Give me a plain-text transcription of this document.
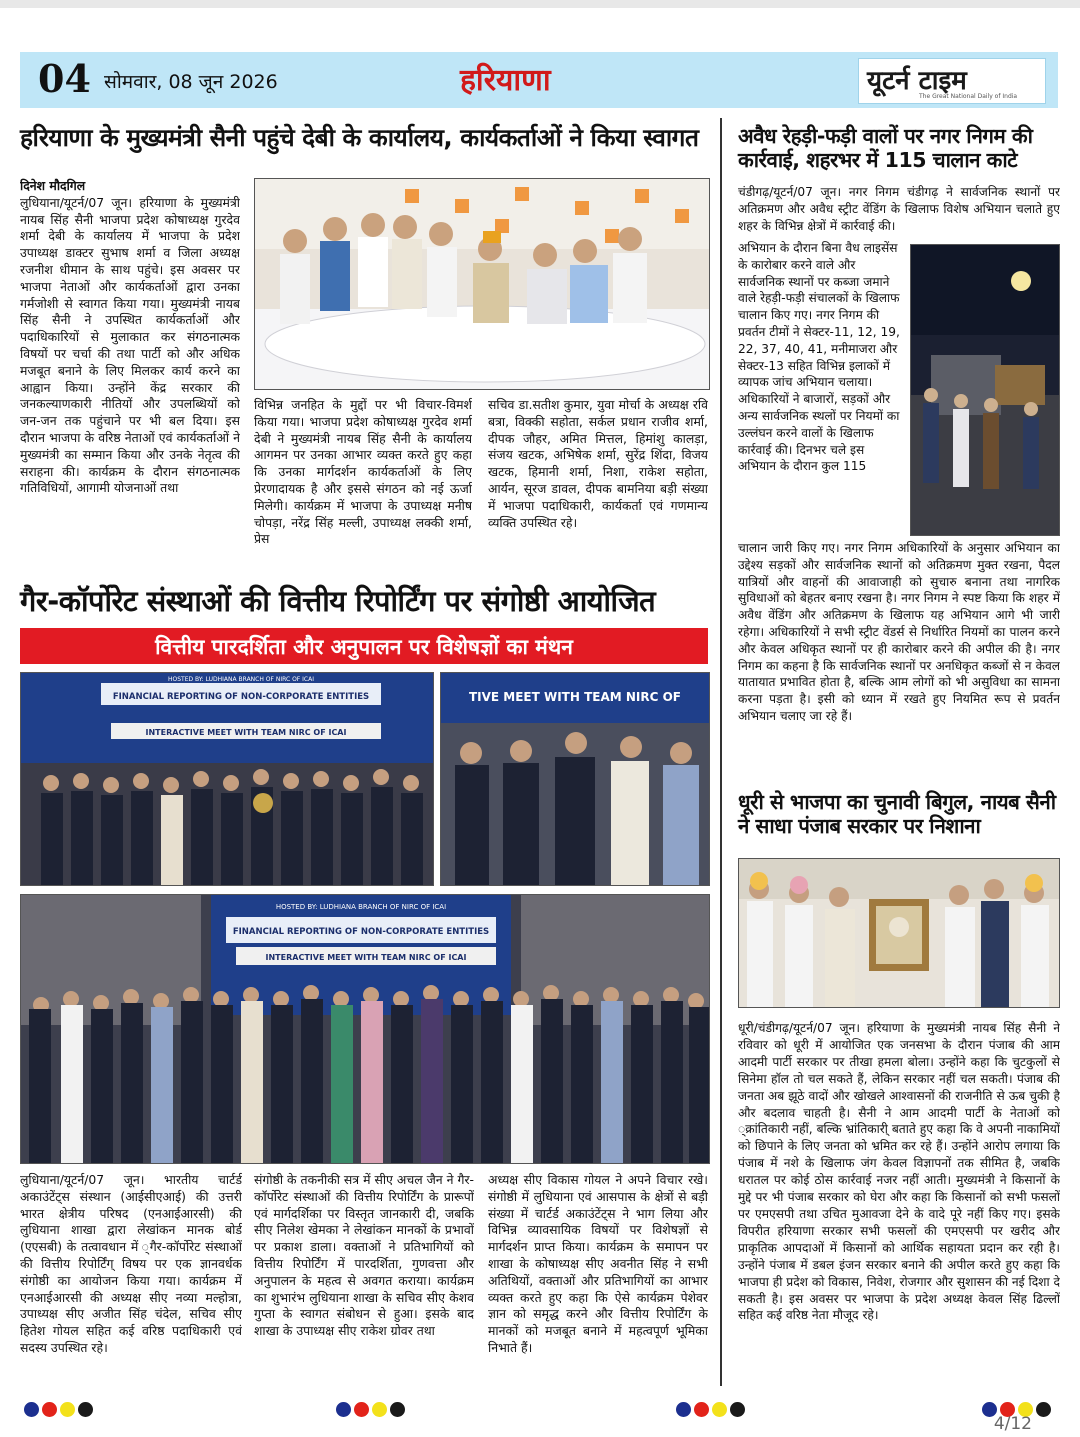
04 सोमवार, 08 जून 2026	हरियाणा	यूटर्न टाइम
The Great National Daily of India
हरियाणा के मुख्यमंत्री सैनी पहुंचे देबी के कार्यालय, कार्यकर्ताओं ने किया स्वागत
दिनेश मौदगिल
लुधियाना/यूटर्न/07 जून। हरियाणा के मुख्यमंत्री नायब सिंह सैनी भाजपा प्रदेश कोषाध्यक्ष गुरदेव शर्मा देबी के कार्यालय में भाजपा के प्रदेश उपाध्यक्ष डाक्टर सुभाष शर्मा व जिला अध्यक्ष रजनीश धीमान के साथ पहुंचे। इस अवसर पर भाजपा नेताओं और कार्यकर्ताओं द्वारा उनका गर्मजोशी से स्वागत किया गया। मुख्यमंत्री नायब सिंह सैनी ने उपस्थित कार्यकर्ताओं और पदाधिकारियों से मुलाकात कर संगठनात्मक विषयों पर चर्चा की तथा पार्टी को और अधिक मजबूत बनाने के लिए मिलकर कार्य करने का आह्वान किया। उन्होंने केंद्र सरकार की जनकल्याणकारी नीतियों और उपलब्धियों को जन-जन तक पहुंचाने पर भी बल दिया। इस दौरान भाजपा के वरिष्ठ नेताओं एवं कार्यकर्ताओं ने मुख्यमंत्री का सम्मान किया और उनके नेतृत्व की सराहना की। कार्यक्रम के दौरान संगठनात्मक गतिविधियों, आगामी योजनाओं तथा
विभिन्न जनहित के मुद्दों पर भी विचार-विमर्श किया गया। भाजपा प्रदेश कोषाध्यक्ष गुरदेव शर्मा देबी ने मुख्यमंत्री नायब सिंह सैनी के कार्यालय आगमन पर उनका आभार व्यक्त करते हुए कहा कि उनका मार्गदर्शन कार्यकर्ताओं के लिए प्रेरणादायक है और इससे संगठन को नई ऊर्जा मिलेगी। कार्यक्रम में भाजपा के उपाध्यक्ष मनीष चोपड़ा, नरेंद्र सिंह मल्ली, उपाध्यक्ष लक्की शर्मा, प्रेस
सचिव डा.सतीश कुमार, युवा मोर्चा के अध्यक्ष रवि बत्रा, विक्की सहोता, सर्कल प्रधान राजीव शर्मा, दीपक जौहर, अमित मित्तल, हिमांशु कालड़ा, संजय खटक, अभिषेक शर्मा, सुरेंद्र शिंदा, विजय खटक, हिमानी शर्मा, निशा, राकेश सहोता, आर्यन, सूरज डावल, दीपक बामनिया बड़ी संख्या में भाजपा पदाधिकारी, कार्यकर्ता एवं गणमान्य व्यक्ति उपस्थित रहे।
गैर-कॉर्पोरेट संस्थाओं की वित्तीय रिपोर्टिंग पर संगोष्ठी आयोजित
वित्तीय पारदर्शिता और अनुपालन पर विशेषज्ञों का मंथन
HOSTED BY: LUDHIANA BRANCH OF NIRC OF ICAI
FINANCIAL REPORTING OF NON-CORPORATE ENTITIES
INTERACTIVE MEET WITH TEAM NIRC OF ICAI
TIVE MEET WITH TEAM NIRC OF
HOSTED BY: LUDHIANA BRANCH OF NIRC OF ICAI
FINANCIAL REPORTING OF NON-CORPORATE ENTITIES
INTERACTIVE MEET WITH TEAM NIRC OF ICAI
लुधियाना/यूटर्न/07 जून। भारतीय चार्टर्ड अकाउंटेंट्स संस्थान (आईसीएआई) की उत्तरी भारत क्षेत्रीय परिषद (एनआईआरसी) की लुधियाना शाखा द्वारा लेखांकन मानक बोर्ड (एएसबी) के तत्वावधान में ्गैर-कॉर्पोरेट संस्थाओं की वित्तीय रिपोर्टिंग् विषय पर एक ज्ञानवर्धक संगोष्ठी का आयोजन किया गया। कार्यक्रम में एनआईआरसी की अध्यक्ष सीए नव्या मल्होत्रा, उपाध्यक्ष सीए अजीत सिंह चंदेल, सचिव सीए हितेश गोयल सहित कई वरिष्ठ पदाधिकारी एवं सदस्य उपस्थित रहे।
संगोष्ठी के तकनीकी सत्र में सीए अचल जैन ने गैर-कॉर्पोरेट संस्थाओं की वित्तीय रिपोर्टिंग के प्रारूपों एवं मार्गदर्शिका पर विस्तृत जानकारी दी, जबकि सीए निलेश खेमका ने लेखांकन मानकों के प्रभावों पर प्रकाश डाला। वक्ताओं ने प्रतिभागियों को वित्तीय रिपोर्टिंग में पारदर्शिता, गुणवत्ता और अनुपालन के महत्व से अवगत कराया। कार्यक्रम का शुभारंभ लुधियाना शाखा के सचिव सीए केशव गुप्ता के स्वागत संबोधन से हुआ। इसके बाद शाखा के उपाध्यक्ष सीए राकेश ग्रोवर तथा
अध्यक्ष सीए विकास गोयल ने अपने विचार रखे। संगोष्ठी में लुधियाना एवं आसपास के क्षेत्रों से बड़ी संख्या में चार्टर्ड अकाउंटेंट्स ने भाग लिया और विभिन्न व्यावसायिक विषयों पर विशेषज्ञों से मार्गदर्शन प्राप्त किया। कार्यक्रम के समापन पर शाखा के कोषाध्यक्ष सीए अवनीत सिंह ने सभी अतिथियों, वक्ताओं और प्रतिभागियों का आभार व्यक्त करते हुए कहा कि ऐसे कार्यक्रम पेशेवर ज्ञान को समृद्ध करने और वित्तीय रिपोर्टिंग के मानकों को मजबूत बनाने में महत्वपूर्ण भूमिका निभाते हैं।
अवैध रेहड़ी-फड़ी वालों पर नगर निगम की कार्रवाई, शहरभर में 115 चालान काटे
चंडीगढ़/यूटर्न/07 जून। नगर निगम चंडीगढ़ ने सार्वजनिक स्थानों पर अतिक्रमण और अवैध स्ट्रीट वेंडिंग के खिलाफ विशेष अभियान चलाते हुए शहर के विभिन्न क्षेत्रों में कार्रवाई की।
अभियान के दौरान बिना वैध लाइसेंस के कारोबार करने वाले और सार्वजनिक स्थानों पर कब्जा जमाने वाले रेहड़ी-फड़ी संचालकों के खिलाफ चालान किए गए। नगर निगम की प्रवर्तन टीमों ने सेक्टर-11, 12, 19, 22, 37, 40, 41, मनीमाजरा और सेक्टर-13 सहित विभिन्न इलाकों में व्यापक जांच अभियान चलाया। अधिकारियों ने बाजारों, सड़कों और अन्य सार्वजनिक स्थलों पर नियमों का उल्लंघन करने वालों के खिलाफ कार्रवाई की। दिनभर चले इस अभियान के दौरान कुल 115
चालान जारी किए गए। नगर निगम अधिकारियों के अनुसार अभियान का उद्देश्य सड़कों और सार्वजनिक स्थानों को अतिक्रमण मुक्त रखना, पैदल यात्रियों और वाहनों की आवाजाही को सुचारु बनाना तथा नागरिक सुविधाओं को बेहतर बनाए रखना है। नगर निगम ने स्पष्ट किया कि शहर में अवैध वेंडिंग और अतिक्रमण के खिलाफ यह अभियान आगे भी जारी रहेगा। अधिकारियों ने सभी स्ट्रीट वेंडर्स से निर्धारित नियमों का पालन करने और केवल अधिकृत स्थानों पर ही कारोबार करने की अपील की है। नगर निगम का कहना है कि सार्वजनिक स्थानों पर अनधिकृत कब्जों से न केवल यातायात प्रभावित होता है, बल्कि आम लोगों को भी असुविधा का सामना करना पड़ता है। इसी को ध्यान में रखते हुए नियमित रूप से प्रवर्तन अभियान चलाए जा रहे हैं।
धूरी से भाजपा का चुनावी बिगुल, नायब सैनी ने साधा पंजाब सरकार पर निशाना
धूरी/चंडीगढ़/यूटर्न/07 जून। हरियाणा के मुख्यमंत्री नायब सिंह सैनी ने रविवार को धूरी में आयोजित एक जनसभा के दौरान पंजाब की आम आदमी पार्टी सरकार पर तीखा हमला बोला। उन्होंने कहा कि चुटकुलों से सिनेमा हॉल तो चल सकते हैं, लेकिन सरकार नहीं चल सकती। पंजाब की जनता अब झूठे वादों और खोखले आश्वासनों की राजनीति से ऊब चुकी है और बदलाव चाहती है। सैनी ने आम आदमी पार्टी के नेताओं को ्क्रांतिकारी नहीं, बल्कि भ्रांतिकारी् बताते हुए कहा कि वे अपनी नाकामियों को छिपाने के लिए जनता को भ्रमित कर रहे हैं। उन्होंने आरोप लगाया कि पंजाब में नशे के खिलाफ जंग केवल विज्ञापनों तक सीमित है, जबकि धरातल पर कोई ठोस कार्रवाई नजर नहीं आती। मुख्यमंत्री ने किसानों के मुद्दे पर भी पंजाब सरकार को घेरा और कहा कि किसानों को सभी फसलों पर एमएसपी तथा उचित मुआवजा देने के वादे पूरे नहीं किए गए। इसके विपरीत हरियाणा सरकार सभी फसलों की एमएसपी पर खरीद और प्राकृतिक आपदाओं में किसानों को आर्थिक सहायता प्रदान कर रही है। उन्होंने पंजाब में डबल इंजन सरकार बनाने की अपील करते हुए कहा कि भाजपा ही प्रदेश को विकास, निवेश, रोजगार और सुशासन की नई दिशा दे सकती है। इस अवसर पर भाजपा के प्रदेश अध्यक्ष केवल सिंह ढिल्लों सहित कई वरिष्ठ नेता मौजूद रहे।
4/12
